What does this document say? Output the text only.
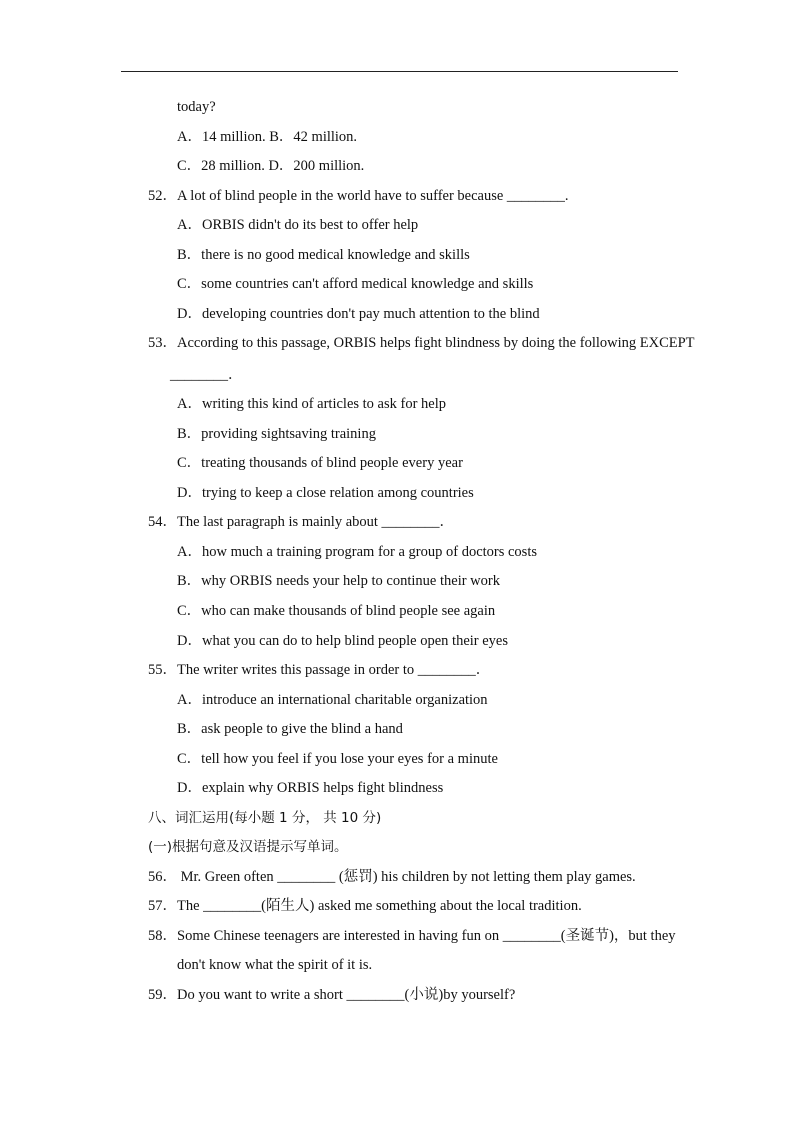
today?
A．14 million. B．42 million.
C．28 million. D．200 million.
52．A lot of blind people in the world have to suffer because ________.
A．ORBIS didn't do its best to offer help
B．there is no good medical knowledge and skills
C．some countries can't afford medical knowledge and skills
D．developing countries don't pay much attention to the blind
53．According to this passage, ORBIS helps fight blindness by doing the following EXCEPT
________．
A．writing this kind of articles to ask for help
B．providing sightsaving training
C．treating thousands of blind people every year
D．trying to keep a close relation among countries
54．The last paragraph is mainly about ________．
A．how much a training program for a group of doctors costs
B．why ORBIS needs your help to continue their work
C．who can make thousands of blind people see again
D．what you can do to help blind people open their eyes
55．The writer writes this passage in order to ________．
A．introduce an international charitable organization
B．ask people to give the blind a hand
C．tell how you feel if you lose your eyes for a minute
D．explain why ORBIS helps fight blindness
八、词汇运用(每小题 1 分， 共 10 分)
(一)根据句意及汉语提示写单词。
56． Mr. Green often ________ (惩罚) his children by not letting them play games.
57．The ________(陌生人) asked me something about the local tradition.
58．Some Chinese teenagers are interested in having fun on ________(圣诞节)，but they
don't know what the spirit of it is.
59．Do you want to write a short ________(小说)by yourself?
